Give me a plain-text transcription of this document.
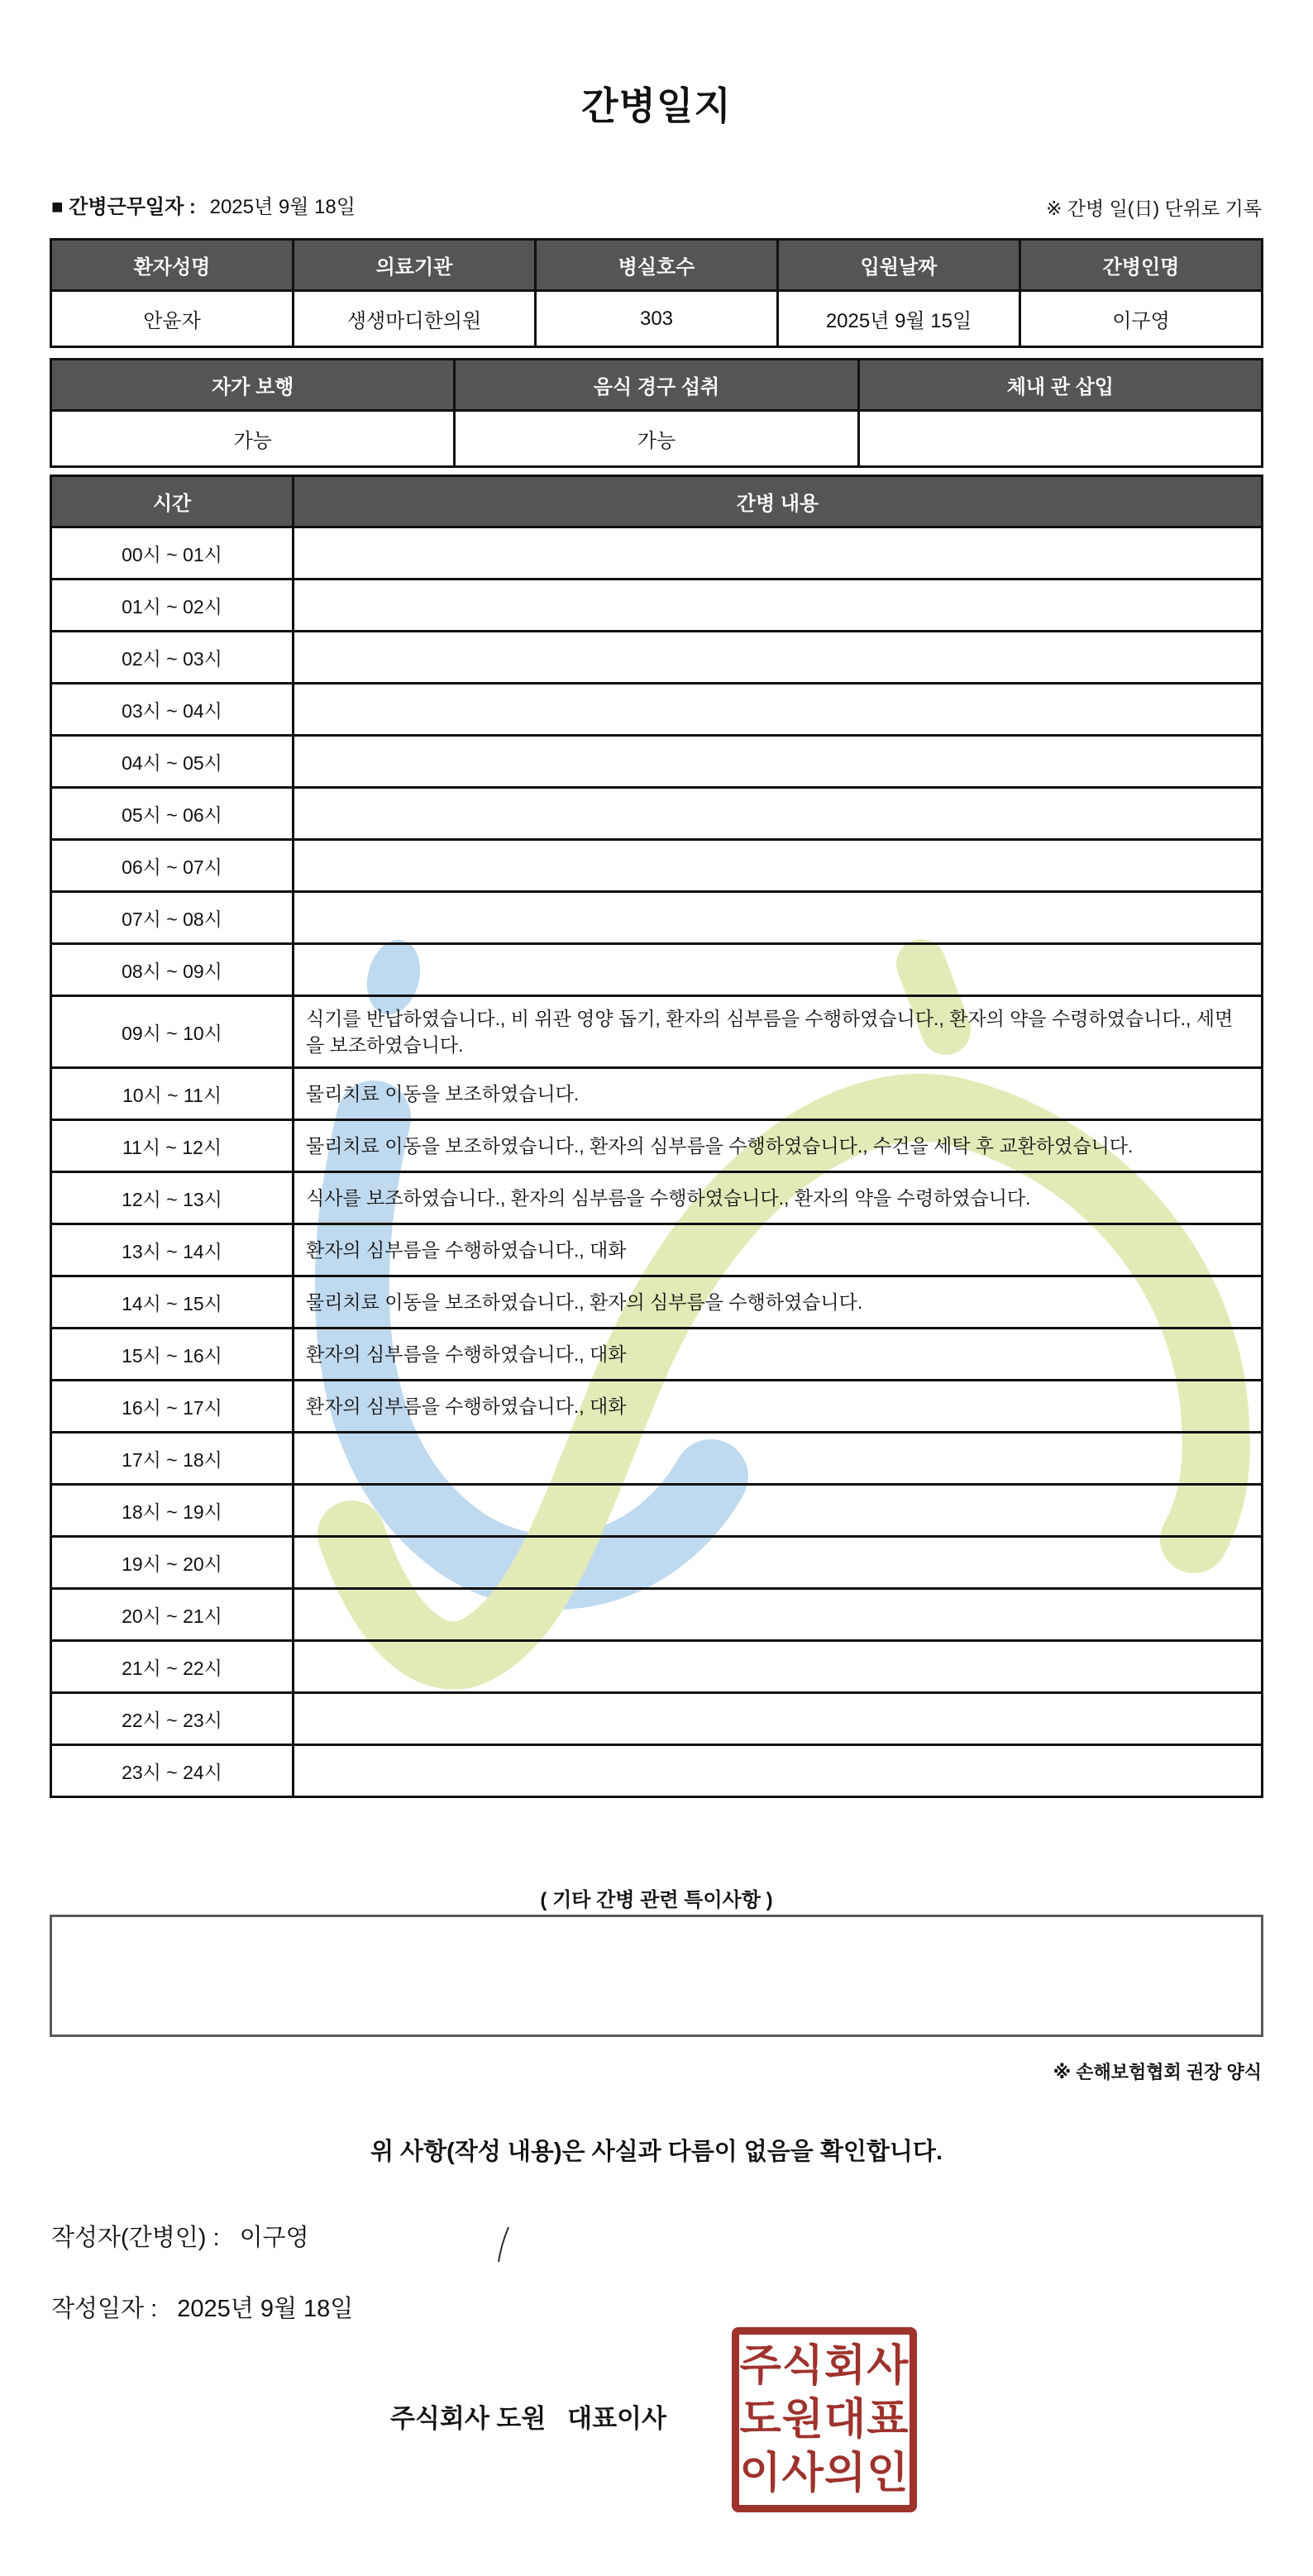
간병일지
■ 간병근무일자 : 2025년 9월 18일	※ 간병 일(日) 단위로 기록
환자성명	의료기관	병실호수	입원날짜	간병인명
안윤자	생생마디한의원	303	2025년 9월 15일	이구영
자가 보행	음식 경구 섭취	체내 관 삽입
가능	가능	
시간	간병 내용
00시 ~ 01시	
01시 ~ 02시	
02시 ~ 03시	
03시 ~ 04시	
04시 ~ 05시	
05시 ~ 06시	
06시 ~ 07시	
07시 ~ 08시	
08시 ~ 09시	
09시 ~ 10시	식기를 반납하였습니다., 비 위관 영양 돕기, 환자의 심부름을 수행하였습니다., 환자의 약을 수령하였습니다., 세면을 보조하였습니다.
10시 ~ 11시	물리치료 이동을 보조하였습니다.
11시 ~ 12시	물리치료 이동을 보조하였습니다., 환자의 심부름을 수행하였습니다., 수건을 세탁 후 교환하였습니다.
12시 ~ 13시	식사를 보조하였습니다., 환자의 심부름을 수행하였습니다., 환자의 약을 수령하였습니다.
13시 ~ 14시	환자의 심부름을 수행하였습니다., 대화
14시 ~ 15시	물리치료 이동을 보조하였습니다., 환자의 심부름을 수행하였습니다.
15시 ~ 16시	환자의 심부름을 수행하였습니다., 대화
16시 ~ 17시	환자의 심부름을 수행하였습니다., 대화
17시 ~ 18시	
18시 ~ 19시	
19시 ~ 20시	
20시 ~ 21시	
21시 ~ 22시	
22시 ~ 23시	
23시 ~ 24시	
( 기타 간병 관련 특이사항 )
※ 손해보험협회 권장 양식
위 사항(작성 내용)은 사실과 다름이 없음을 확인합니다.
작성자(간병인) : 이구영
작성일자 : 2025년 9월 18일
주식회사 도원   대표이사
주식회사
도원대표
이사의인
